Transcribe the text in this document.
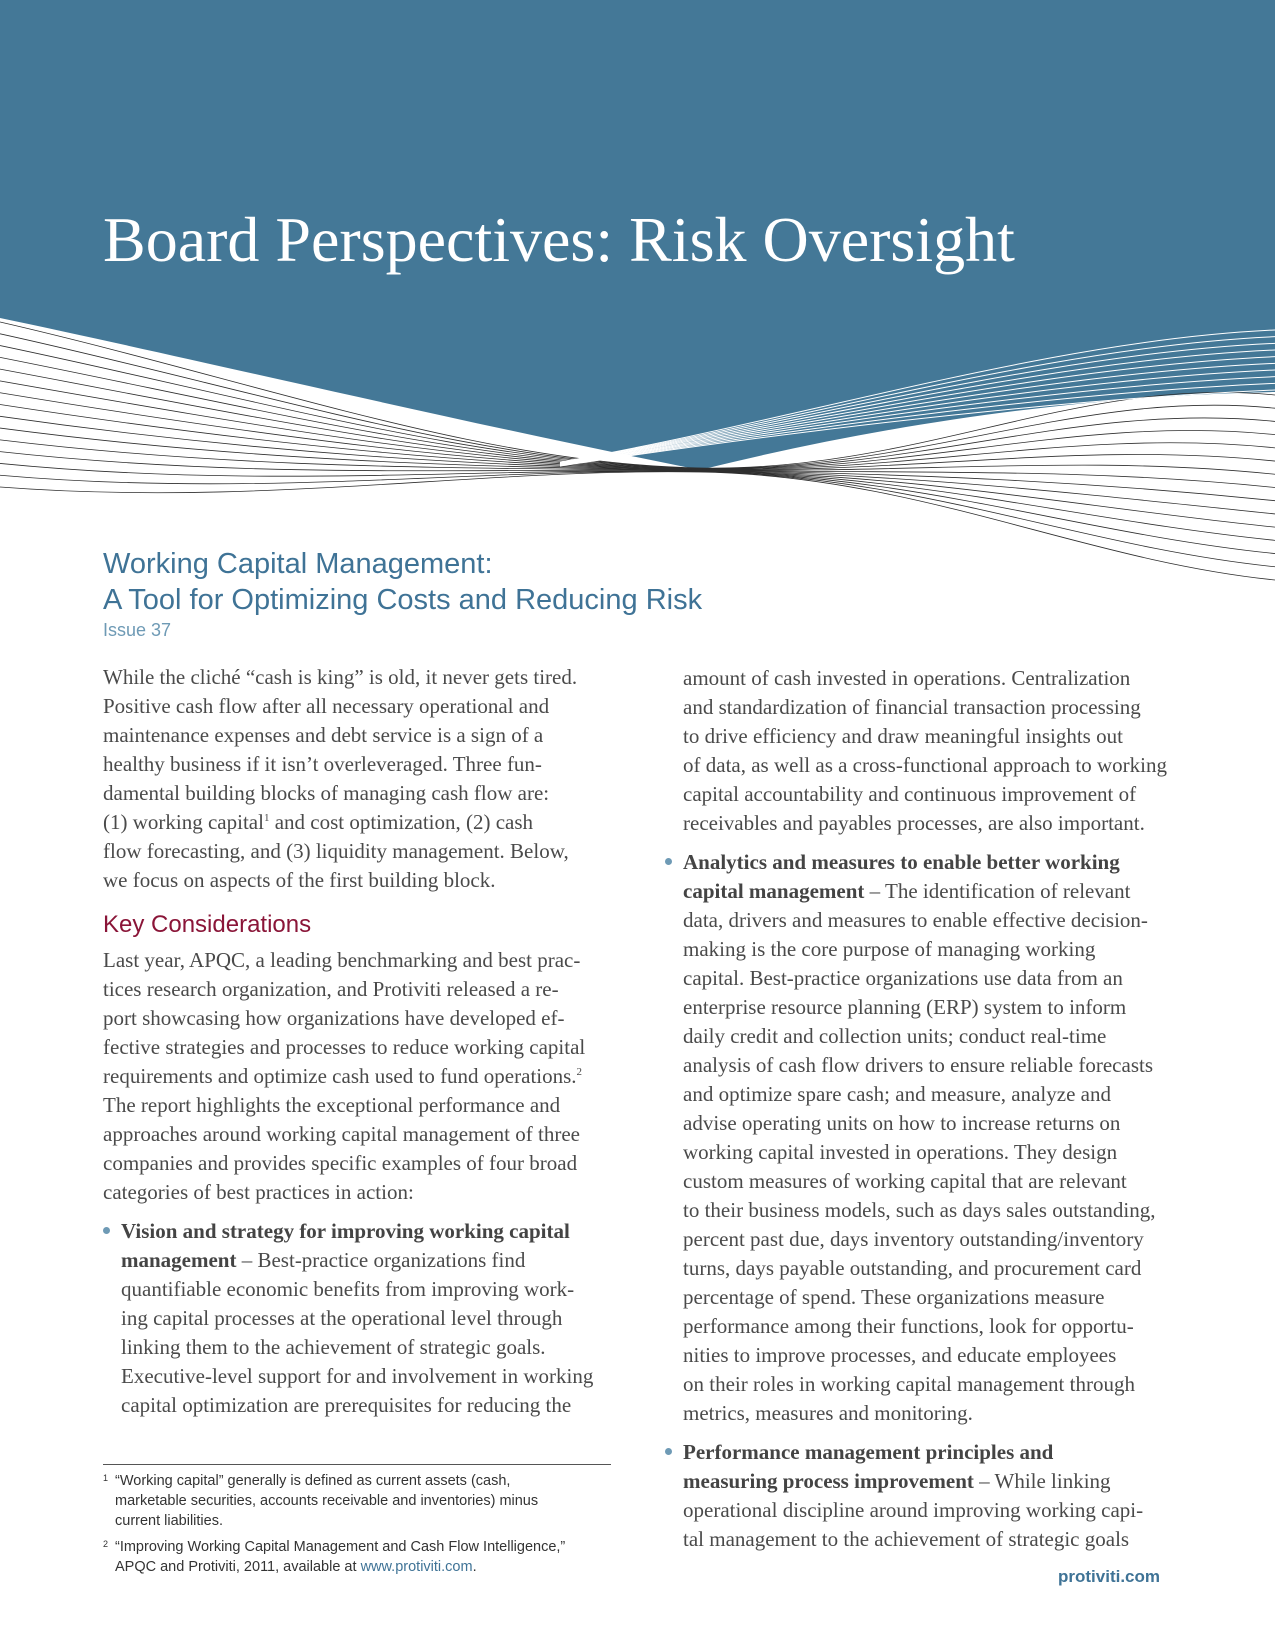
Board Perspectives: Risk Oversight
Working Capital Management:
A Tool for Optimizing Costs and Reducing Risk
Issue 37

While the cliché “cash is king” is old, it never gets tired.
Positive cash flow after all necessary operational and
maintenance expenses and debt service is a sign of a
healthy business if it isn’t overleveraged. Three fun-
damental building blocks of managing cash flow are:
(1) working capital$^1$ and cost optimization, (2) cash
flow forecasting, and (3) liquidity management. Below,
we focus on aspects of the first building block.

Key Considerations

Last year, APQC, a leading benchmarking and best prac-
tices research organization, and Protiviti released a re-
port showcasing how organizations have developed ef-
fective strategies and processes to reduce working capital
requirements and optimize cash used to fund operations.$^2$
The report highlights the exceptional performance and
approaches around working capital management of three
companies and provides specific examples of four broad
categories of best practices in action:

Vision and strategy for improving working capital
management – Best-practice organizations find
quantifiable economic benefits from improving work-
ing capital processes at the operational level through
linking them to the achievement of strategic goals.
Executive-level support for and involvement in working
capital optimization are prerequisites for reducing the
amount of cash invested in operations. Centralization
and standardization of financial transaction processing
to drive efficiency and draw meaningful insights out
of data, as well as a cross-functional approach to working
capital accountability and continuous improvement of
receivables and payables processes, are also important.
Analytics and measures to enable better working
capital management – The identification of relevant
data, drivers and measures to enable effective decision-
making is the core purpose of managing working
capital. Best-practice organizations use data from an
enterprise resource planning (ERP) system to inform
daily credit and collection units; conduct real-time
analysis of cash flow drivers to ensure reliable forecasts
and optimize spare cash; and measure, analyze and
advise operating units on how to increase returns on
working capital invested in operations. They design
custom measures of working capital that are relevant
to their business models, such as days sales outstanding,
percent past due, days inventory outstanding/inventory
turns, days payable outstanding, and procurement card
percentage of spend. These organizations measure
performance among their functions, look for opportu-
nities to improve processes, and educate employees
on their roles in working capital management through
metrics, measures and monitoring.
Performance management principles and
measuring process improvement – While linking
operational discipline around improving working capi-
tal management to the achievement of strategic goals
1 “Working capital” generally is defined as current assets (cash,
marketable securities, accounts receivable and inventories) minus
current liabilities.
2 “Improving Working Capital Management and Cash Flow Intelligence,”
APQC and Protiviti, 2011, available at www.protiviti.com.	protiviti.com
